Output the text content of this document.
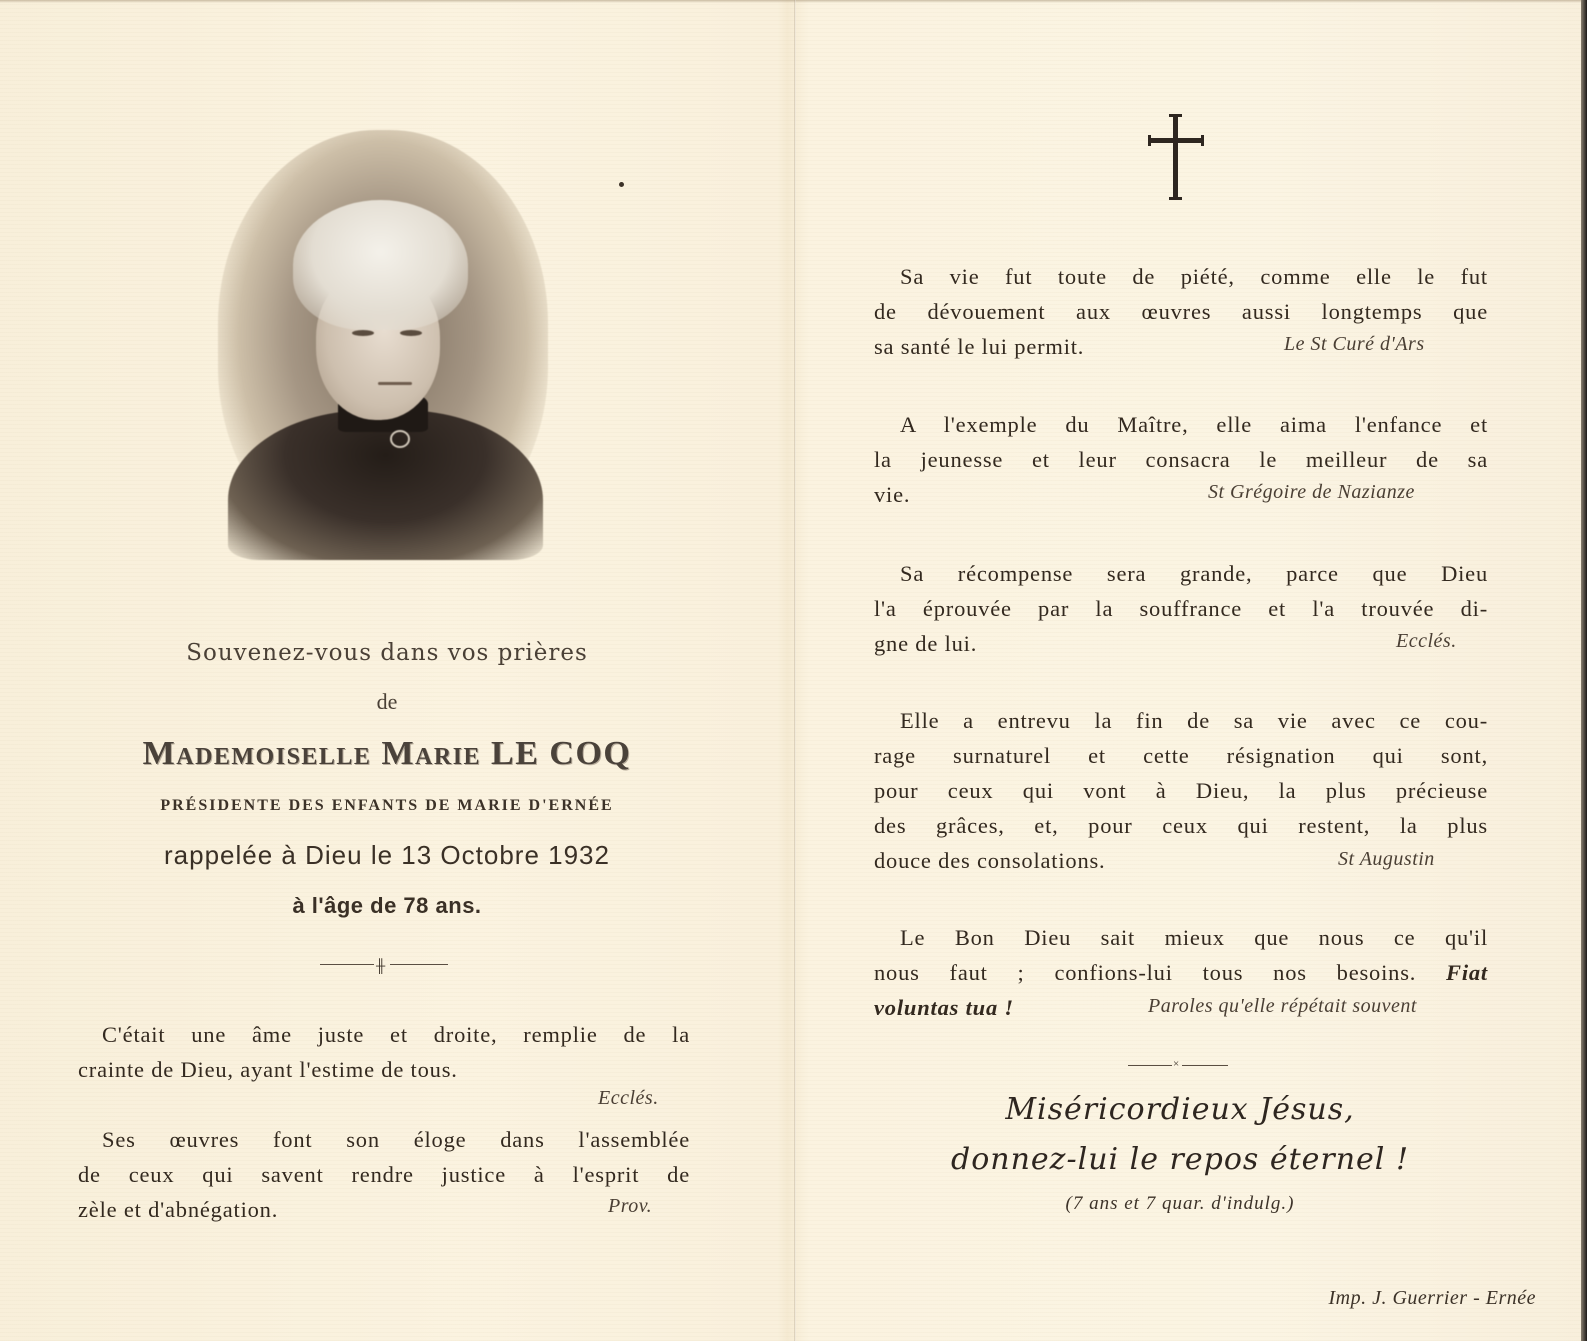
Souvenez-vous dans vos prières
de
Mademoiselle Marie LE COQ
PRÉSIDENTE DES ENFANTS DE MARIE D'ERNÉE
rappelée à Dieu le 13 Octobre 1932
à l'âge de 78 ans.
╫
C'était une âme juste et droite, remplie de la
crainte de Dieu, ayant l'estime de tous.
Ecclés.
Ses œuvres font son éloge dans l'assemblée
de ceux qui savent rendre justice à l'esprit de
zèle et d'abnégation.	Prov.
Sa vie fut toute de piété, comme elle le fut
de dévouement aux œuvres aussi longtemps que
sa santé le lui permit.	Le St Curé d'Ars
A l'exemple du Maître, elle aima l'enfance et
la jeunesse et leur consacra le meilleur de sa
vie.	St Grégoire de Nazianze
Sa récompense sera grande, parce que Dieu
l'a éprouvée par la souffrance et l'a trouvée di-
gne de lui.	Ecclés.
Elle a entrevu la fin de sa vie avec ce cou-
rage surnaturel et cette résignation qui sont,
pour ceux qui vont à Dieu, la plus précieuse
des grâces, et, pour ceux qui restent, la plus
douce des consolations.	St Augustin
Le Bon Dieu sait mieux que nous ce qu'il
nous faut ; confions-lui tous nos besoins. Fiat
voluntas tua !	Paroles qu'elle répétait souvent
×
Miséricordieux Jésus,
donnez-lui le repos éternel !
(7 ans et 7 quar. d'indulg.)
Imp. J. Guerrier - Ernée
